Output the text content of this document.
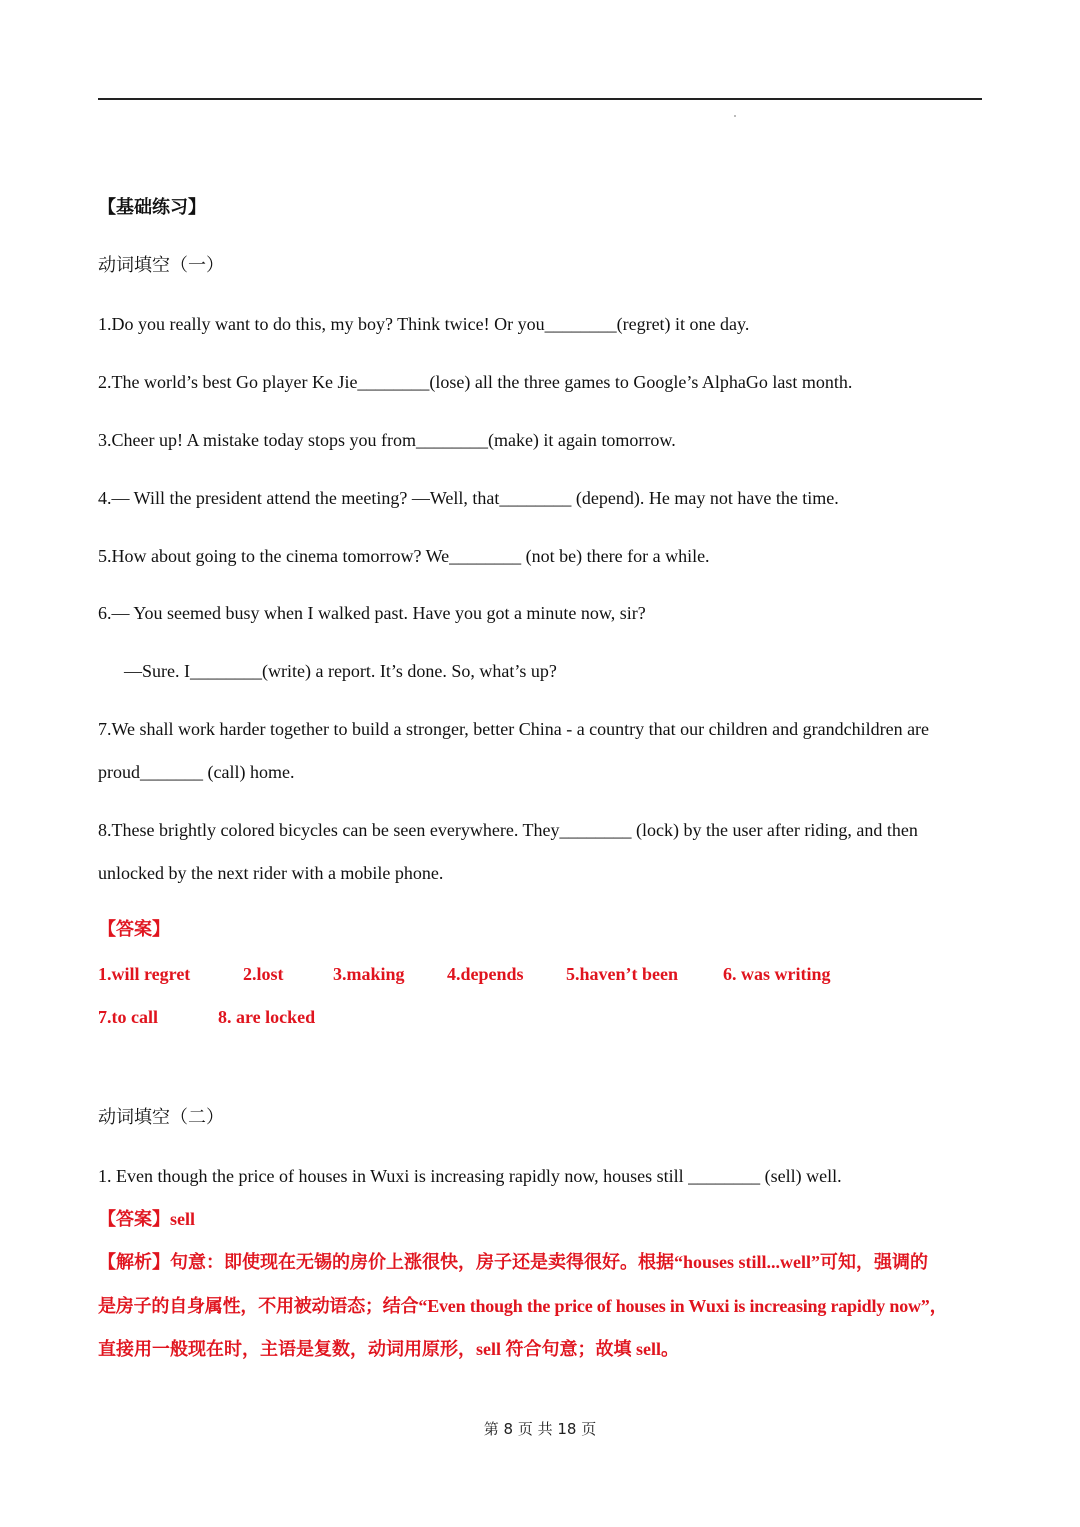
【基础练习】
动词填空（一）
1.Do you really want to do this, my boy? Think twice! Or you________(regret) it one day.
2.The world’s best Go player Ke Jie________(lose) all the three games to Google’s AlphaGo last month.
3.Cheer up! A mistake today stops you from________(make) it again tomorrow.
4.— Will the president attend the meeting? —Well, that________ (depend). He may not have the time.
5.How about going to the cinema tomorrow? We________ (not be) there for a while.
6.— You seemed busy when I walked past. Have you got a minute now, sir?
—Sure. I________(write) a report. It’s done. So, what’s up?
7.We shall work harder together to build a stronger, better China - a country that our children and grandchildren are
proud_______ (call) home.
8.These brightly colored bicycles can be seen everywhere. They________ (lock) by the user after riding, and then
unlocked by the next rider with a mobile phone.
【答案】
1.will regret	2.lost	3.making 4.depends 5.haven’t been	6. was writing
7.to call	8. are locked
动词填空（二）
1. Even though the price of houses in Wuxi is increasing rapidly now, houses still ________ (sell) well.
【答案】sell
【解析】句意：即使现在无锡的房价上涨很快，房子还是卖得很好。根据“houses still...well”可知，强调的
是房子的自身属性，不用被动语态；结合“Even though the price of houses in Wuxi is increasing rapidly now”，
直接用一般现在时，主语是复数，动词用原形，sell 符合句意；故填 sell。
第 8 页 共 18 页
